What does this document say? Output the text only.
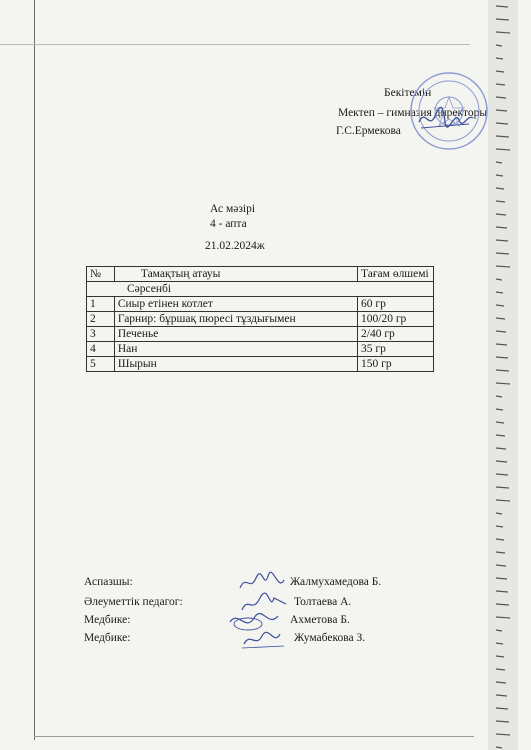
Бекітемін
Мектеп – гимназия директоры
Г.С.Ермекова
Ас мәзірі
4 - апта
21.02.2024ж
№	Тамақтың атауы	Тағам өлшемі
Сәрсенбі		
1	Сиыр етінен котлет	60 гр
2	Гарнир: бұршақ пюресі тұздығымен	100/20 гр
3	Печенье	2/40 гр
4	Нан	35 гр
5	Шырын	150 гр
Аспазшы:	Жалмухамедова Б.
Әлеуметтік педагог:	Толтаева А.
Медбике:	Ахметова Б.
Медбике:	Жумабекова З.
